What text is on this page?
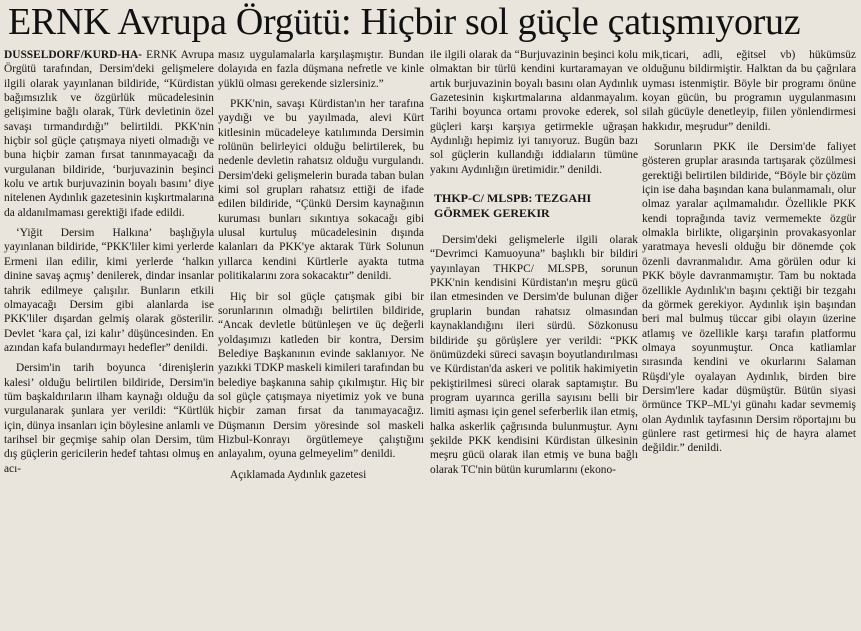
ERNK Avrupa Örgütü: Hiçbir sol güçle çatışmıyoruz

DUSSELDORF/KURD-HA- ERNK Avrupa Örgütü tarafından, Dersim'deki gelişmelere ilgili olarak yayınlanan bildiride, “Kürdistan bağımsızlık ve özgürlük mücadelesinin gelişimine bağlı olarak, Türk devletinin özel savaşı tırmandırdığı” belirtildi. PKK'nin hiçbir sol güçle çatışmaya niyeti olmadığı ve buna hiçbir zaman fırsat tanınmayacağı da vurgulanan bildiride, ‘burjuvazinin beşinci kolu ve artık burjuvazinin boyalı basını’ diye nitelenen Aydınlık gazetesinin kışkırtmalarına da aldanılmaması gerektiği ifade edildi.

‘Yiğit Dersim Halkına’ başlığıyla yayınlanan bildiride, “PKK'liler kimi yerlerde Ermeni ilan edilir, kimi yerlerde ‘halkın dinine savaş açmış’ denilerek, dindar insanlar tahrik edilmeye çalışılır. Bunların etkili olmayacağı Dersim gibi alanlarda ise PKK'liler dışardan gelmiş olarak gösterilir. Devlet ‘kara çal, izi kalır’ düşüncesinden. En azından kafa bulandırmayı hedefler” denildi.

Dersim'in tarih boyunca ‘direnişlerin kalesi’ olduğu belirtilen bildiride, Dersim'in tüm başkaldırıların ilham kaynağı olduğu da vurgulanarak şunlara yer verildi: “Kürtlük için, dünya insanları için böylesine anlamlı ve tarihsel bir geçmişe sahip olan Dersim, tüm dış güçlerin gericilerin hedef tahtası olmuş en acı-

masız uygulamalarla karşılaşmıştır. Bundan dolayıda en fazla düşmana nefretle ve kinle yüklü olması gerekende sizlersiniz.”

PKK'nin, savaşı Kürdistan'ın her tarafına yaydığı ve bu yayılmada, alevi Kürt kitlesinin mücadeleye katılımında Dersimin rolünün belirleyici olduğu belirtilerek, bu nedenle devletin rahatsız olduğu vurgulandı. Dersim'deki gelişmelerin burada taban bulan kimi sol grupları rahatsız ettiği de ifade edilen bildiride, “Çünkü Dersim kaynağının kuruması bunları sıkıntıya sokacağı gibi ulusal kurtuluş mücadelesinin dışında kalanları da PKK'ye aktarak Türk Solunun yıllarca kendini Kürtlerle ayakta tutma politikalarını zora sokacaktır” denildi.

Hiç bir sol güçle çatışmak gibi bir sorunlarının olmadığı belirtilen bildiride, “Ancak devletle bütünleşen ve üç değerli yoldaşımızı katleden bir kontra, Dersim Belediye Başkanının evinde saklanıyor. Ne yazıkki TDKP maskeli kimileri tarafından bu belediye başkanına sahip çıkılmıştır. Hiç bir sol güçle çatışmaya niyetimiz yok ve buna hiçbir zaman fırsat da tanımayacağız. Düşmanın Dersim yöresinde sol maskeli Hizbul-Konrayı örgütlemeye çalıştığını anlayalım, oyuna gelmeyelim” denildi.

Açıklamada Aydınlık gazetesi

ile ilgili olarak da “Burjuvazinin beşinci kolu olmaktan bir türlü kendini kurtaramayan ve artık burjuvazinin boyalı basını olan Aydınlık Gazetesinin kışkırtmalarına aldanmayalım. Tarihi boyunca ortamı provoke ederek, sol güçleri karşı karşıya getirmekle uğraşan Aydınlığı hepimiz iyi tanıyoruz. Bugün bazı sol güçlerin kullandığı iddiaların tümüne yakını Aydınlığın üretimidir.” denildi.

THKP-C/ MLSPB: TEZGAHI GÖRMEK GEREKIR

Dersim'deki gelişmelerle ilgili olarak “Devrimci Kamuoyuna” başlıklı bir bildiri yayınlayan THKPC/ MLSPB, sorunun PKK'nin kendisini Kürdistan'ın meşru gücü ilan etmesinden ve Dersim'de bulunan diğer gruplarin bundan rahatsız olmasından kaynaklandığını ileri sürdü. Sözkonusu bildiride şu görüşlere yer verildi: “PKK önümüzdeki süreci savaşın boyutlandırılması ve Kürdistan'da askeri ve politik hakimiyetin pekiştirilmesi süreci olarak saptamıştır. Bu program uyarınca gerilla sayısını belli bir limiti aşması için genel seferberlik ilan etmiş, halka askerlik çağrısında bulunmuştur. Aynı şekilde PKK kendisini Kürdistan ülkesinin meşru gücü olarak ilan etmiş ve buna bağlı olarak TC'nin bütün kurumlarını (ekono-

mik,ticari, adli, eğitsel vb) hükümsüz olduğunu bildirmiştir. Halktan da bu çağrılara uyması istenmiştir. Böyle bir programı önüne koyan gücün, bu programın uygulanmasını silah gücüyle denetleyip, fiilen yönlendirmesi hakkıdır, meşrudur” denildi.

Sorunların PKK ile Dersim'de faliyet gösteren gruplar arasında tartışarak çözülmesi gerektiği belirtilen bildiride, “Böyle bir çözüm için ise daha başından kana bulanmamalı, olur olmaz yaralar açılmamalıdır. Özellikle PKK kendi toprağında taviz vermemekte özgür olmakla birlikte, oligarşinin provakasyonlar yaratmaya hevesli olduğu bir dönemde çok özenli davranmalıdır. Ama görülen odur ki PKK böyle davranmamıştır. Tam bu noktada özellikle Aydınlık'ın başını çektiği bir tezgahı da görmek gerekiyor. Aydınlık işin başından beri mal bulmuş tüccar gibi olayın üzerine atlamış ve özellikle karşı tarafın platformu olmaya soyunmuştur. Onca katliamlar sırasında kendini ve okurlarını Salaman Rüşdi'yle oyalayan Aydınlık, birden bire Dersim'lere kadar düşmüştür. Bütün siyasi örmünce TKP–ML'yi günahı kadar sevmemiş olan Aydınlık tayfasının Dersim röportajını bu günlere rast getirmesi hiç de hayra alamet değildir.” denildi.
